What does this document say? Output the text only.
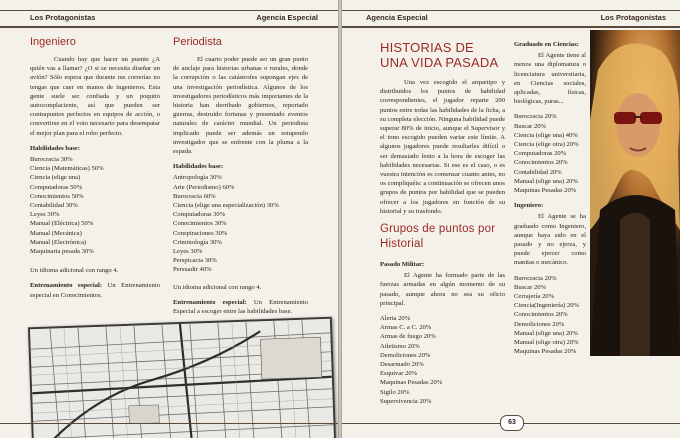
Los Protagonistas	Agencia Especial
Ingeniero

Cuando hay que hacer un puente ¿A quién vas a llamar? ¿O si se necesita diseñar un avión? Sólo espera que durante tus correrías no tengas que caer en manos de ingenieros. Esta gente suele ser confiada y un poquito autocomplaciente, así que pueden ser contrapuntos perfectos en equipos de acción, o convertirse en el voto necesario para desempatar el mejor plan para el robo perfecto.

Habilidades base:
Burocracia 30%
Ciencia (Matemáticas) 50%
Ciencia (elige una)
Computadoras 50%
Conocimientos 50%
Contabilidad 30%
Leyes 30%
Manual (Eléctrica) 50%
Manual (Mecánica)
Manual (Electrónica)
Maquinaria pesada 30%

Un idioma adicional con rango 4.

Entrenamiento especial: Un Entrenamiento especial en Conocimientos.

Periodista

El cuarto poder puede ser un gran punto de anclaje para historias urbanas o rurales, donde la corrupción o las catástrofes supongan ejes de una investigación periodística. Algunos de los investigadores periodísticos más importantes de la historia han derribado gobiernos, reportado guerras, destruido fortunas y presentado eventos naturales de carácter mundial. Un periodista implicado puede ser además un estupendo investigador que se enfrente con la pluma a la espada.

Habilidades base:
Antropología 30%
Arte (Periodismo) 60%
Burocracia 60%
Ciencia (elige una especialización) 30%
Computadoras 30%
Conocimientos 30%
Conspiraciones 30%
Criminología 30%
Leyes 30%
Perspicacia 30%
Persuadir 40%

Un idioma adicional con rango 4.

Entrenamiento especial: Un Entrenamiento Especial a escoger entre las habilidades base.

Agencia Especial	Los Protagonistas
HISTORIAS DE UNA VIDA PASADA

Una vez escogido el arquetipo y distribuidos los puntos de habilidad correspondientes, el jugador reparte 200 puntos entre todas las habilidades de la ficha, a su completa elección. Ninguna habilidad puede superar 80% de inicio, aunque el Supervisor y el tono escogido pueden variar este límite. A algunos jugadores puede resultarles difícil o ser demasiado lento a la hora de escoger las habilidades necesarias. Si ese es el caso, o es vuestra intención es comenzar cuanto antes, no os compliquéis: a continuación se ofrecen unos grupos de puntos por habilidad que se pueden ofrecer a los jugadores en función de su historial y su trasfondo.

Grupos de puntos por Historial
Pasado Militar:

El Agente ha formado parte de las fuerzas armadas en algún momento de su pasado, aunque ahora no sea su oficio principal.

Alerta 20%
Armas C. a C. 20%
Armas de fuego 20%
Atletismo 20%
Demoliciones 20%
Desarmado 20%
Esquivar 20%
Maquinas Pesadas 20%
Sigilo 20%
Supervivencia 20%
Graduado en Ciencias:

El Agente tiene al menos una diplomatura o licenciatura universitaria, en Ciencias sociales, aplicadas, físicas, biológicas, puras...

Burocracia 20%
Buscar 20%
Ciencia (elige una) 40%
Ciencia (elige otra) 20%
Computadoras 20%
Conocimientos 20%
Contabilidad 20%
Manual (elige una) 20%
Maquinas Pesadas 20%
Ingeniero:

El Agente se ha graduado como Ingeniero, aunque haya sido en el pasado y no ejerza, y puede ejercer como manitas o mecánico.

Burocracia 20%
Buscar 20%
Cerrajería 20%
Ciencia(Ingeniería) 20%
Conocimientos 20%
Demoliciones 20%
Manual (elige una) 20%
Manual (elige otra) 20%
Maquinas Pesadas 20%
63
